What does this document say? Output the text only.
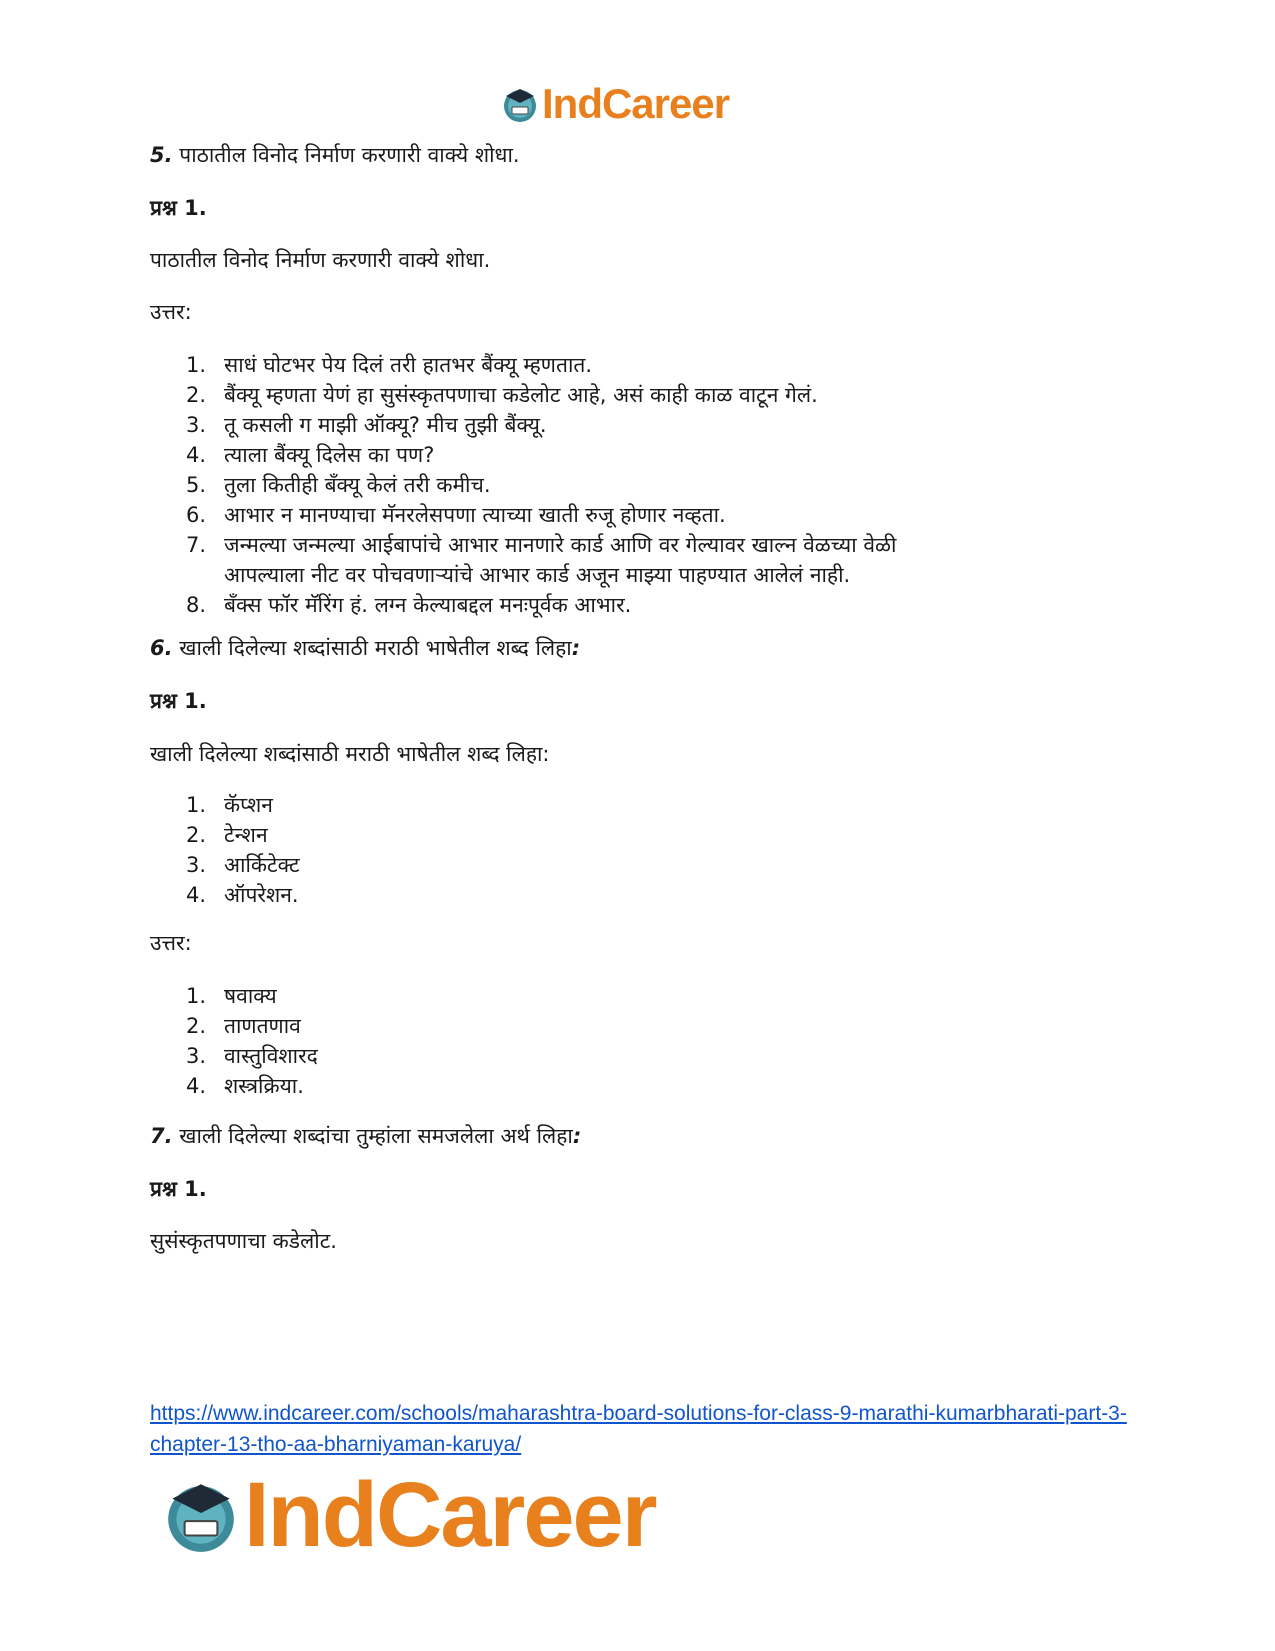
IndCareer
5. पाठातील विनोद निर्माण करणारी वाक्ये शोधा.
प्रश्न 1.
पाठातील विनोद निर्माण करणारी वाक्ये शोधा.
उत्तर:
1. साधं घोटभर पेय दिलं तरी हातभर बैंक्यू म्हणतात.
2. बैंक्यू म्हणता येणं हा सुसंस्कृतपणाचा कडेलोट आहे, असं काही काळ वाटून गेलं.
3. तू कसली ग माझी ऑक्यू? मीच तुझी बैंक्यू.
4. त्याला बैंक्यू दिलेस का पण?
5. तुला कितीही बँक्यू केलं तरी कमीच.
6. आभार न मानण्याचा मॅनरलेसपणा त्याच्या खाती रुजू होणार नव्हता.
7. जन्मल्या जन्मल्या आईबापांचे आभार मानणारे कार्ड आणि वर गेल्यावर खाल्न वेळच्या वेळी
आपल्याला नीट वर पोचवणाऱ्यांचे आभार कार्ड अजून माझ्या पाहण्यात आलेलं नाही.
8. बँक्स फॉर मॅरिंग हं. लग्न केल्याबद्दल मनःपूर्वक आभार.
6. खाली दिलेल्या शब्दांसाठी मराठी भाषेतील शब्द लिहा:
प्रश्न 1.
खाली दिलेल्या शब्दांसाठी मराठी भाषेतील शब्द लिहा:
1. कॅप्शन
2. टेन्शन
3. आर्किटेक्ट
4. ऑपरेशन.
उत्तर:
1. षवाक्य
2. ताणतणाव
3. वास्तुविशारद
4. शस्त्रक्रिया.
7. खाली दिलेल्या शब्दांचा तुम्हांला समजलेला अर्थ लिहा:
प्रश्न 1.
सुसंस्कृतपणाचा कडेलोट.
https://www.indcareer.com/schools/maharashtra-board-solutions-for-class-9-marathi-kumarbharati-part-3-chapter-13-tho-aa-bharniyaman-karuya/
IndCareer
